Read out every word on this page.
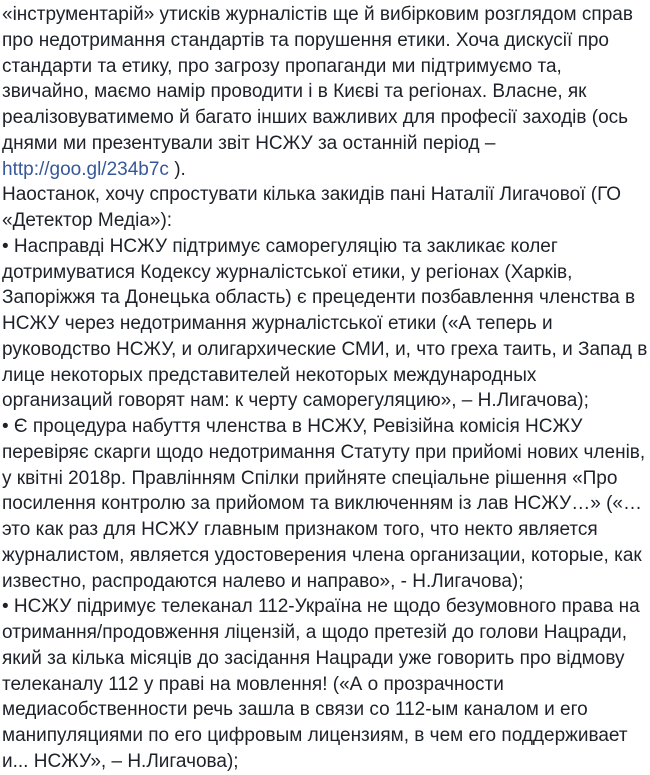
«інструментарій» утисків журналістів ще й вибірковим розглядом справ
про недотримання стандартів та порушення етики. Хоча дискусії про
стандарти та етику, про загрозу пропаганди ми підтримуємо та,
звичайно, маємо намір проводити і в Києві та регіонах. Власне, як
реалізовуватимемо й багато інших важливих для професії заходів (ось
днями ми презентували звіт НСЖУ за останній період –
http://goo.gl/234b7c ).
Наостанок, хочу спростувати кілька закидів пані Наталії Лигачової (ГО
«Детектор Медіа»):
• Насправді НСЖУ підтримує саморегуляцію та закликає колег
дотримуватися Кодексу журналістської етики, у регіонах (Харків,
Запоріжжя та Донецька область) є прецеденти позбавлення членства в
НСЖУ через недотримання журналістської етики («А теперь и
руководство НСЖУ, и олигархические СМИ, и, что греха таить, и Запад в
лице некоторых представителей некоторых международных
организаций говорят нам: к черту саморегуляцию», – Н.Лигачова);
• Є процедура набуття членства в НСЖУ, Ревізійна комісія НСЖУ
перевіряє скарги щодо недотримання Статуту при прийомі нових членів,
у квітні 2018р. Правлінням Спілки прийняте спеціальне рішення «Про
посилення контролю за прийомом та виключенням із лав НСЖУ…» («…
это как раз для НСЖУ главным признаком того, что некто является
журналистом, является удостоверения члена организации, которые, как
известно, распродаются налево и направо», - Н.Лигачова);
• НСЖУ підримує телеканал 112-Україна не щодо безумовного права на
отримання/продовження ліцензій, а щодо претезій до голови Нацради,
який за кілька місяців до засідання Нацради уже говорить про відмову
телеканалу 112 у праві на мовлення! («А о прозрачности
медиасобственности речь зашла в связи со 112-ым каналом и его
манипуляциями по его цифровым лицензиям, в чем его поддерживает
и... НСЖУ», – Н.Лигачова);
